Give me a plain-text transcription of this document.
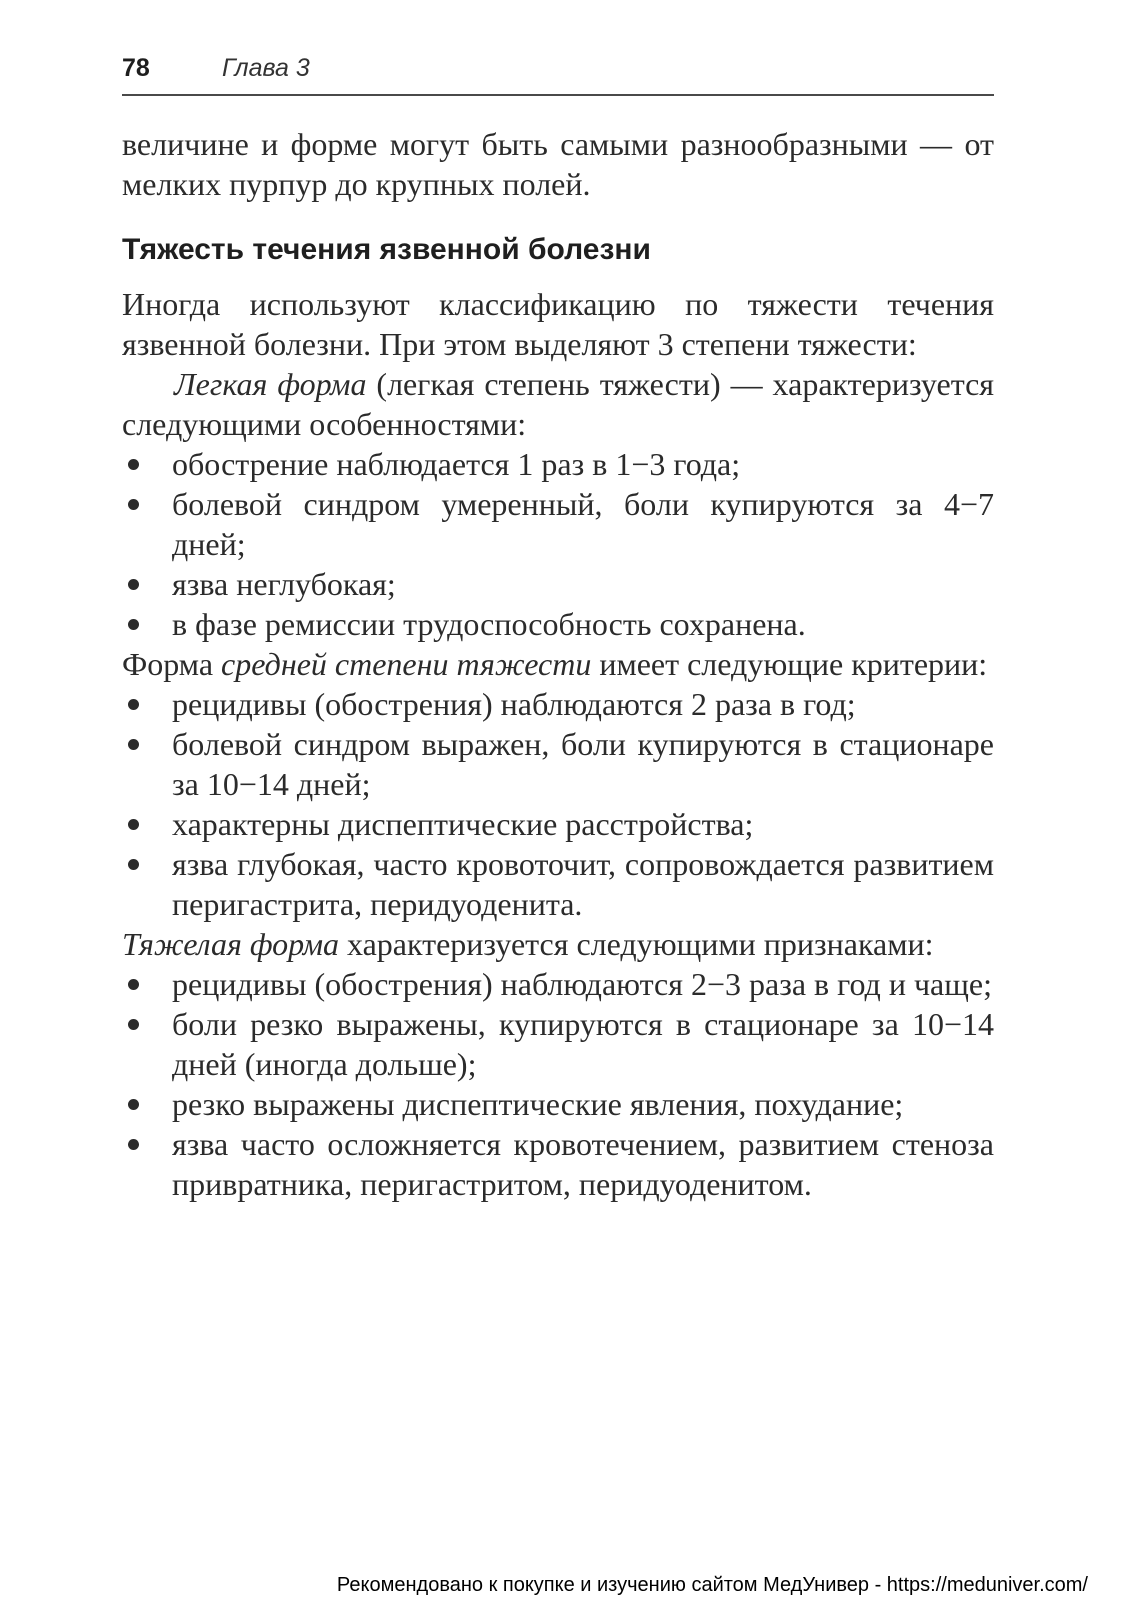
78	Глава 3

величине и форме могут быть самыми разнообразными — от мелких пурпур до крупных полей.

Тяжесть течения язвенной болезни

Иногда используют классификацию по тяжести течения язвенной болезни. При этом выделяют 3 степени тяжести:

Легкая форма (легкая степень тяжести) — характеризуется следующими особенностями:

обострение наблюдается 1 раз в 1−3 года;
болевой синдром умеренный, боли купируются за 4−7 дней;
язва неглубокая;
в фазе ремиссии трудоспособность сохранена.

Форма средней степени тяжести имеет следующие критерии:

рецидивы (обострения) наблюдаются 2 раза в год;
болевой синдром выражен, боли купируются в стационаре за 10−14 дней;
характерны диспептические расстройства;
язва глубокая, часто кровоточит, сопровождается развитием перигастрита, перидуоденита.

Тяжелая форма характеризуется следующими признаками:

рецидивы (обострения) наблюдаются 2−3 раза в год и чаще;
боли резко выражены, купируются в стационаре за 10−14 дней (иногда дольше);
резко выражены диспептические явления, похудание;
язва часто осложняется кровотечением, развитием стеноза привратника, перигастритом, перидуоденитом.
Рекомендовано к покупке и изучению сайтом МедУнивер - https://meduniver.com/
